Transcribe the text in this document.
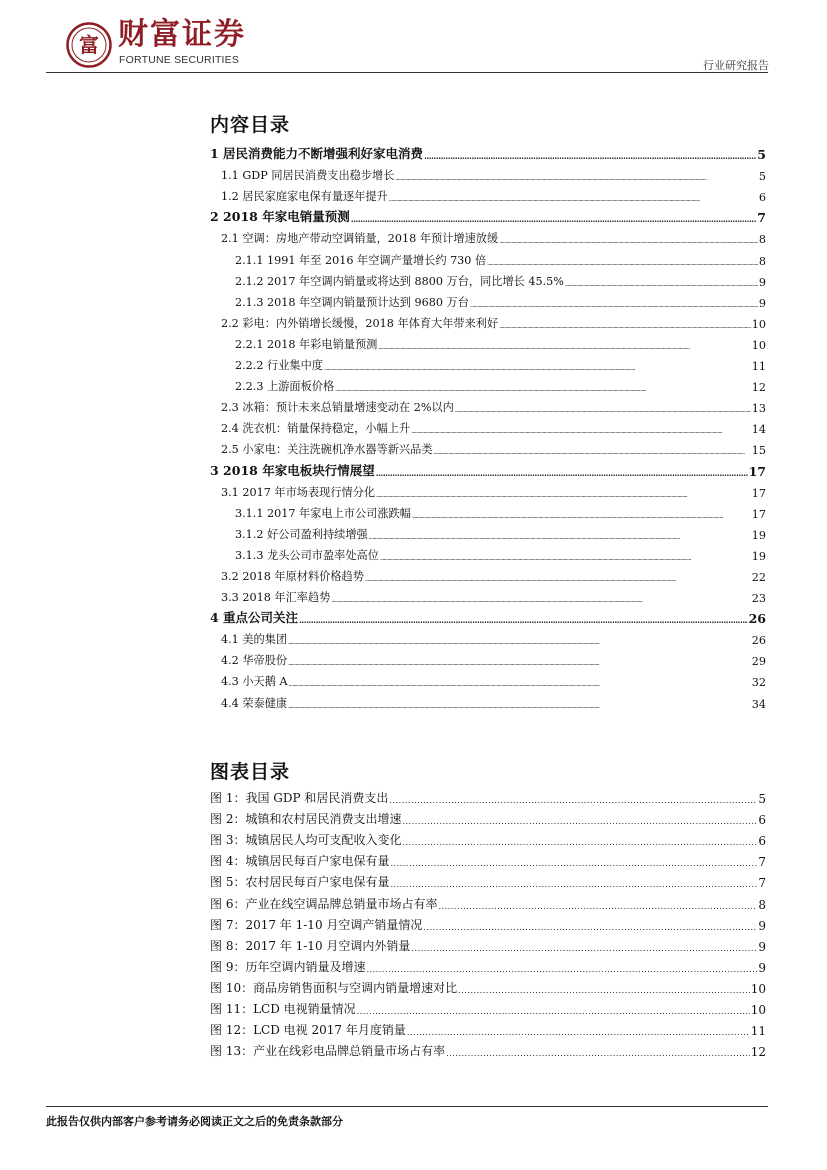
富 财富证券
FORTUNE SECURITIES	行业研究报告
内容目录
1 居民消费能力不断增强利好家电消费 . . .	5
1.1 GDP 同居民消费支出稳步增长 . . .	5
1.2 居民家庭家电保有量逐年提升 . . .	6
2 2018 年家电销量预测 . . .	7
2.1 空调：房地产带动空调销量，2018 年预计增速放缓 . . .	8
2.1.1 1991 年至 2016 年空调产量增长约 730 倍 . . .	8
2.1.2 2017 年空调内销量或将达到 8800 万台，同比增长 45.5% . . .	9
2.1.3 2018 年空调内销量预计达到 9680 万台 . . .	9
2.2 彩电：内外销增长缓慢，2018 年体育大年带来利好 . . .	10
2.2.1 2018 年彩电销量预测 . . .	10
2.2.2 行业集中度 . . .	11
2.2.3 上游面板价格 . . .	12
2.3 冰箱：预计未来总销量增速变动在 2%以内 . . .	13
2.4 洗衣机：销量保持稳定，小幅上升 . . .	14
2.5 小家电：关注洗碗机净水器等新兴品类 . . .	15
3 2018 年家电板块行情展望 . . .	17
3.1 2017 年市场表现行情分化 . . .	17
3.1.1 2017 年家电上市公司涨跌幅 . . .	17
3.1.2 好公司盈利持续增强 . . .	19
3.1.3 龙头公司市盈率处高位 . . .	19
3.2 2018 年原材料价格趋势 . . .	22
3.3 2018 年汇率趋势 . . .	23
4 重点公司关注 . . .	26
4.1 美的集团 . . .	26
4.2 华帝股份 . . .	29
4.3 小天鹅 A . . .	32
4.4 荣泰健康 . . .	34
图表目录
图 1：我国 GDP 和居民消费支出 . . .	5
图 2：城镇和农村居民消费支出增速 . . .	6
图 3：城镇居民人均可支配收入变化 . . .	6
图 4：城镇居民每百户家电保有量 . . .	7
图 5：农村居民每百户家电保有量 . . .	7
图 6：产业在线空调品牌总销量市场占有率 . . .	8
图 7：2017 年 1-10 月空调产销量情况 . . .	9
图 8：2017 年 1-10 月空调内外销量 . . .	9
图 9：历年空调内销量及增速 . . .	9
图 10：商品房销售面积与空调内销量增速对比 . . .	10
图 11：LCD 电视销量情况 . . .	10
图 12：LCD 电视 2017 年月度销量 . . .	11
图 13：产业在线彩电品牌总销量市场占有率 . . .	12
此报告仅供内部客户参考请务必阅读正文之后的免责条款部分
